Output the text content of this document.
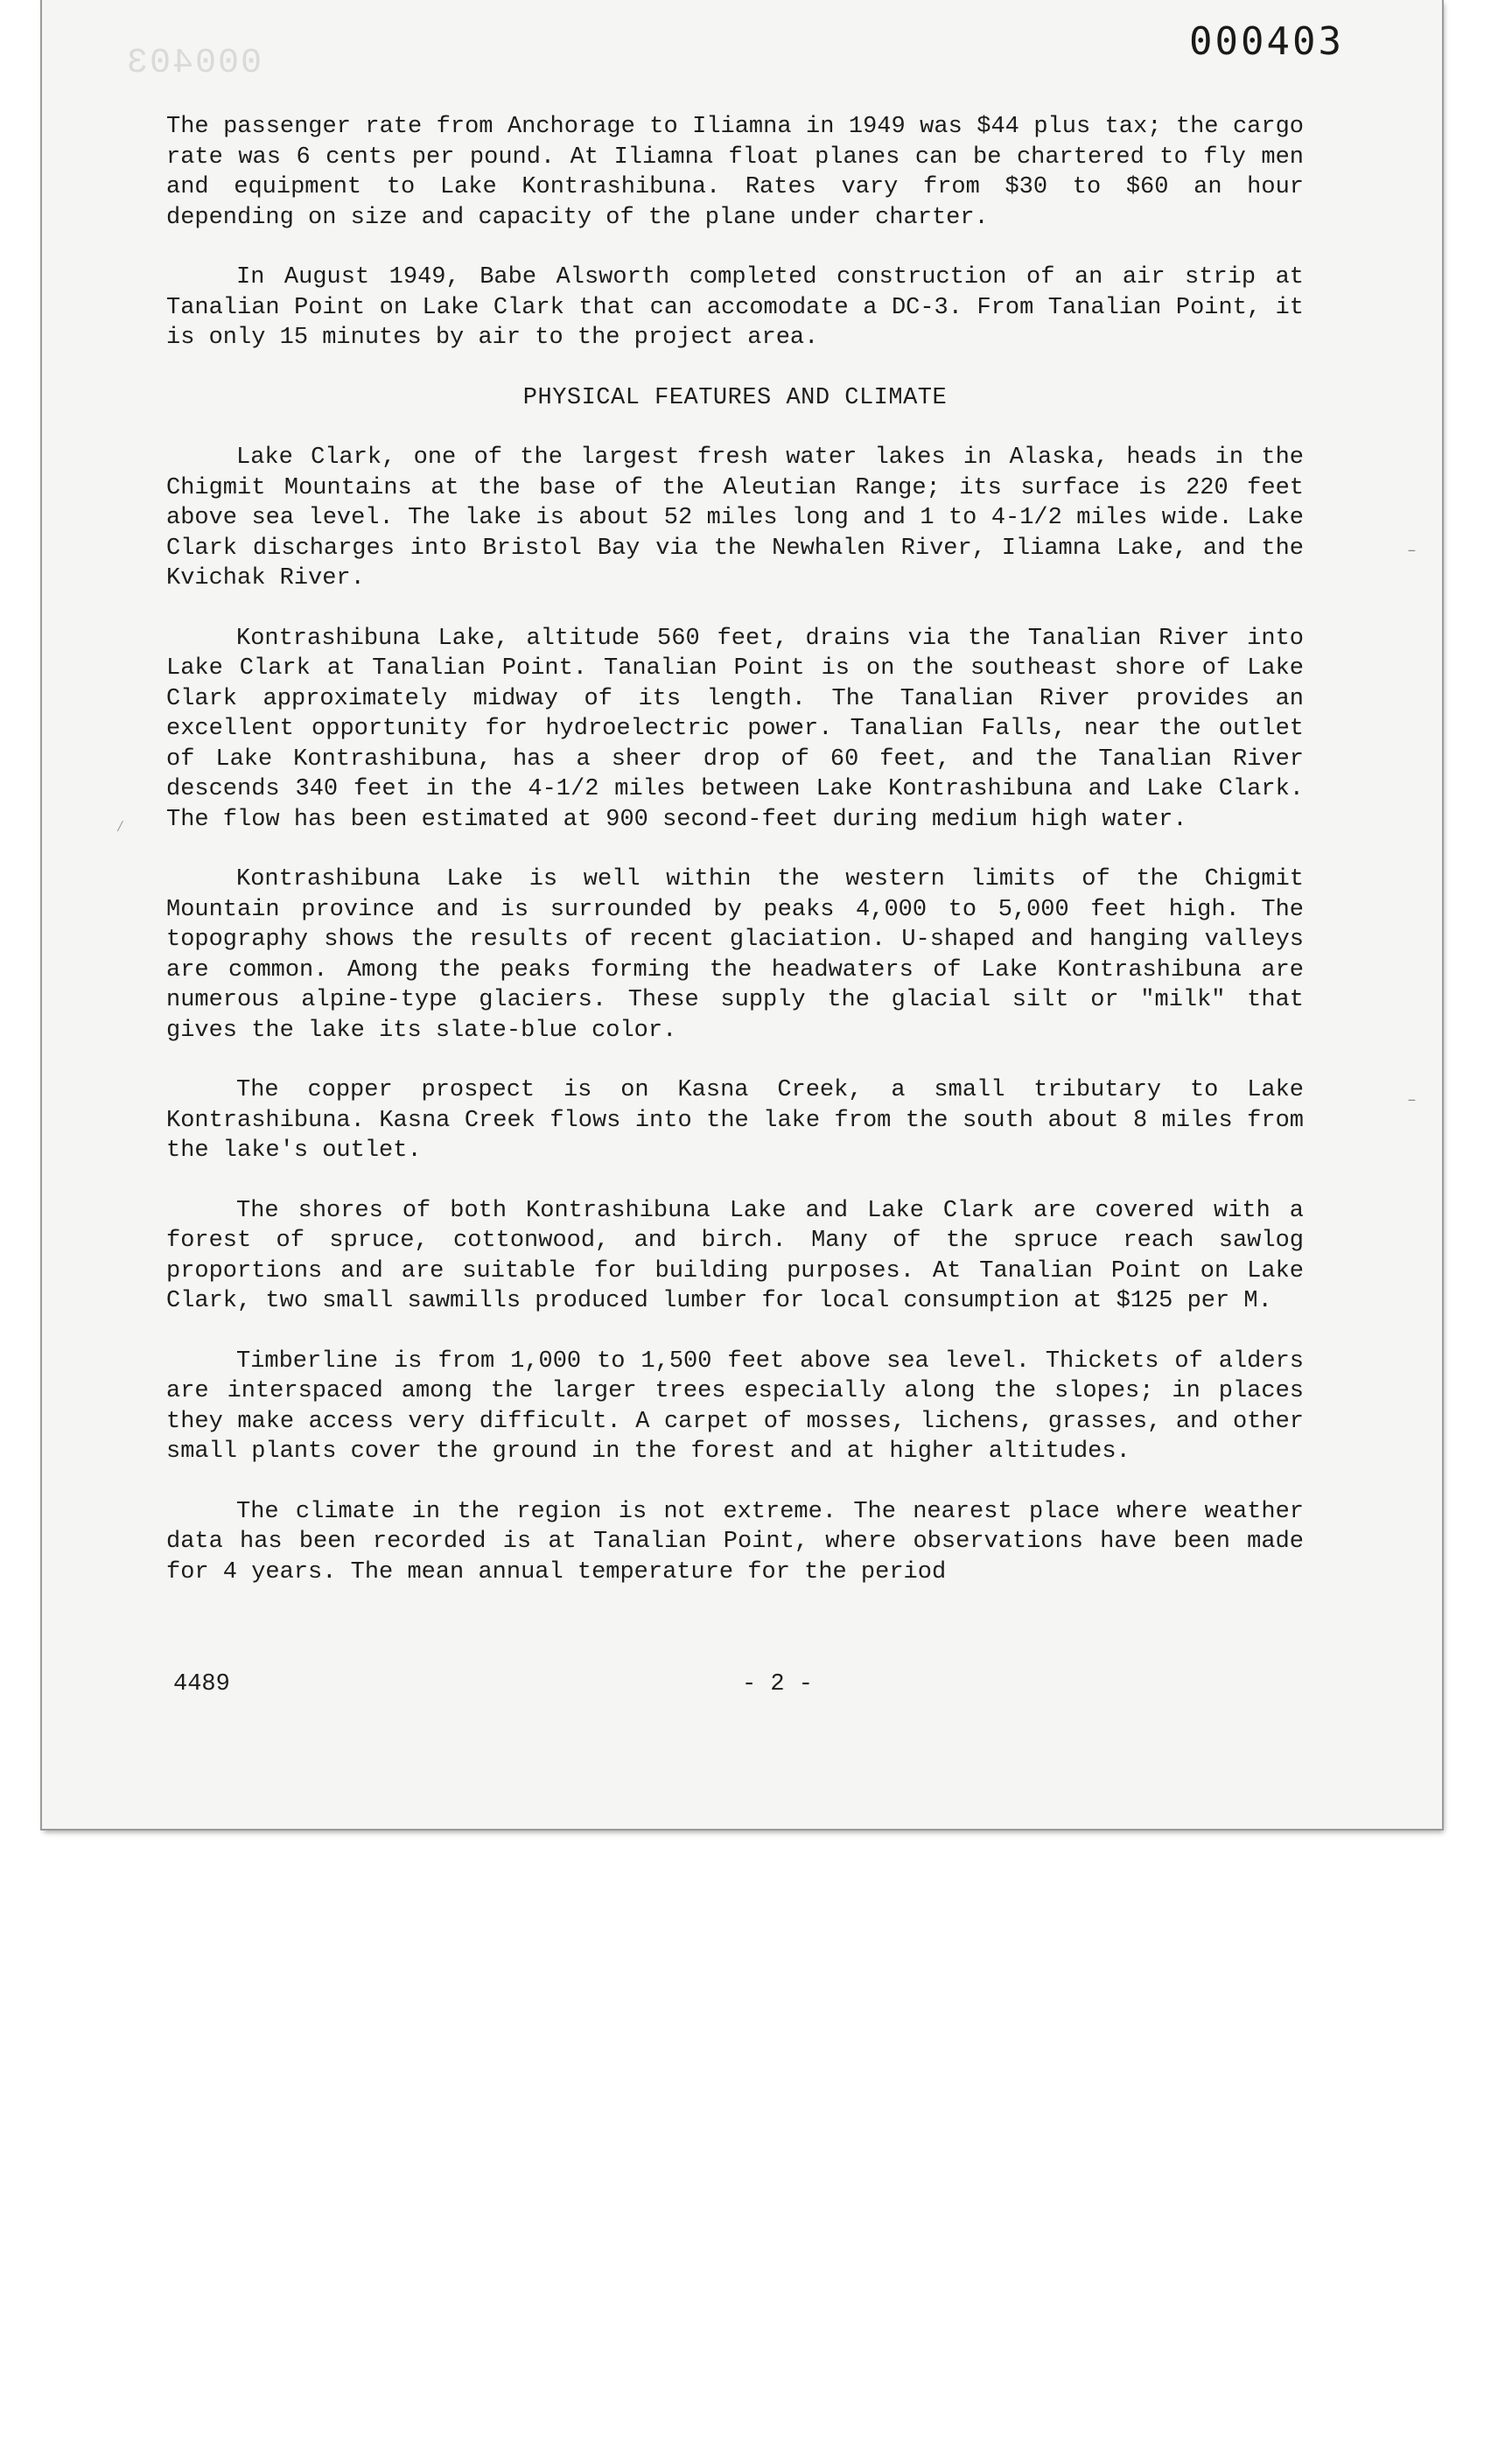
000403	000403

The passenger rate from Anchorage to Iliamna in 1949 was $44 plus tax; the cargo rate was 6 cents per pound. At Iliamna float planes can be chartered to fly men and equipment to Lake Kontrashibuna. Rates vary from $30 to $60 an hour depending on size and capacity of the plane under charter.

In August 1949, Babe Alsworth completed construction of an air strip at Tanalian Point on Lake Clark that can accomodate a DC-3. From Tanalian Point, it is only 15 minutes by air to the project area.

PHYSICAL FEATURES AND CLIMATE

Lake Clark, one of the largest fresh water lakes in Alaska, heads in the Chigmit Mountains at the base of the Aleutian Range; its surface is 220 feet above sea level. The lake is about 52 miles long and 1 to 4-1/2 miles wide. Lake Clark discharges into Bristol Bay via the Newhalen River, Iliamna Lake, and the Kvichak River.

Kontrashibuna Lake, altitude 560 feet, drains via the Tanalian River into Lake Clark at Tanalian Point. Tanalian Point is on the southeast shore of Lake Clark approximately midway of its length. The Tanalian River provides an excellent opportunity for hydroelectric power. Tanalian Falls, near the outlet of Lake Kontrashibuna, has a sheer drop of 60 feet, and the Tanalian River descends 340 feet in the 4-1/2 miles between Lake Kontrashibuna and Lake Clark. The flow has been estimated at 900 second-feet during medium high water.

Kontrashibuna Lake is well within the western limits of the Chigmit Mountain province and is surrounded by peaks 4,000 to 5,000 feet high. The topography shows the results of recent glaciation. U-shaped and hanging valleys are common. Among the peaks forming the headwaters of Lake Kontrashibuna are numerous alpine-type glaciers. These supply the glacial silt or "milk" that gives the lake its slate-blue color.

The copper prospect is on Kasna Creek, a small tributary to Lake Kontrashibuna. Kasna Creek flows into the lake from the south about 8 miles from the lake's outlet.

The shores of both Kontrashibuna Lake and Lake Clark are covered with a forest of spruce, cottonwood, and birch. Many of the spruce reach sawlog proportions and are suitable for building purposes. At Tanalian Point on Lake Clark, two small sawmills produced lumber for local consumption at $125 per M.

Timberline is from 1,000 to 1,500 feet above sea level. Thickets of alders are interspaced among the larger trees especially along the slopes; in places they make access very difficult. A carpet of mosses, lichens, grasses, and other small plants cover the ground in the forest and at higher altitudes.

The climate in the region is not extreme. The nearest place where weather data has been recorded is at Tanalian Point, where observations have been made for 4 years. The mean annual temperature for the period

4489	- 2 -
–
–
⁄
